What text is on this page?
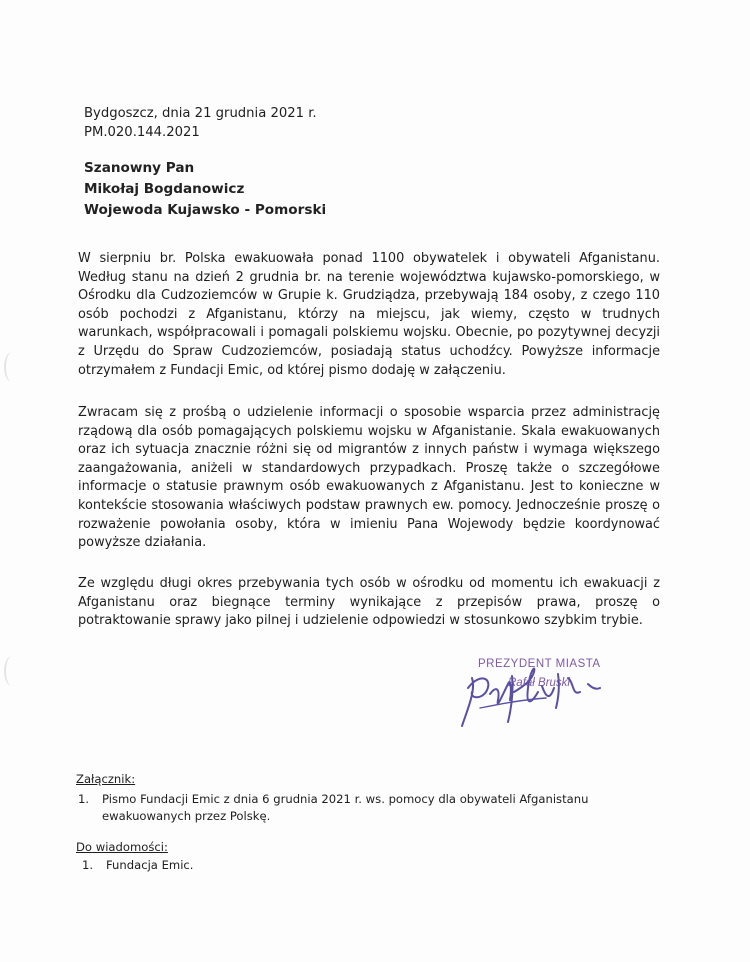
Bydgoszcz, dnia 21 grudnia 2021 r.
PM.020.144.2021
Szanowny Pan
Mikołaj Bogdanowicz
Wojewoda Kujawsko - Pomorski

W sierpniu br. Polska ewakuowała ponad 1100 obywatelek i obywateli Afganistanu. Według stanu na dzień 2 grudnia br. na terenie województwa kujawsko-pomorskiego, w Ośrodku dla Cudzoziemców w Grupie k. Grudziądza, przebywają 184 osoby, z czego 110 osób pochodzi z Afganistanu, którzy na miejscu, jak wiemy, często w trudnych warunkach, współpracowali i pomagali polskiemu wojsku. Obecnie, po pozytywnej decyzji z Urzędu do Spraw Cudzoziemców, posiadają status uchodźcy. Powyższe informacje otrzymałem z Fundacji Emic, od której pismo dodaję w załączeniu.

Zwracam się z prośbą o udzielenie informacji o sposobie wsparcia przez administrację rządową dla osób pomagających polskiemu wojsku w Afganistanie. Skala ewakuowanych oraz ich sytuacja znacznie różni się od migrantów z innych państw i wymaga większego zaangażowania, aniżeli w standardowych przypadkach. Proszę także o szczegółowe informacje o statusie prawnym osób ewakuowanych z Afganistanu. Jest to konieczne w kontekście stosowania właściwych podstaw prawnych ew. pomocy. Jednocześnie proszę o rozważenie powołania osoby, która w imieniu Pana Wojewody będzie koordynować powyższe działania.

Ze względu długi okres przebywania tych osób w ośrodku od momentu ich ewakuacji z Afganistanu oraz biegnące terminy wynikające z przepisów prawa, proszę o potraktowanie sprawy jako pilnej i udzielenie odpowiedzi w stosunkowo szybkim trybie.

PREZYDENT MIASTA
Rafał Bruski
Załącznik:
1.	Pismo Fundacji Emic z dnia 6 grudnia 2021 r. ws. pomocy dla obywateli Afganistanu ewakuowanych przez Polskę.
Do wiadomości:
1.	Fundacja Emic.
